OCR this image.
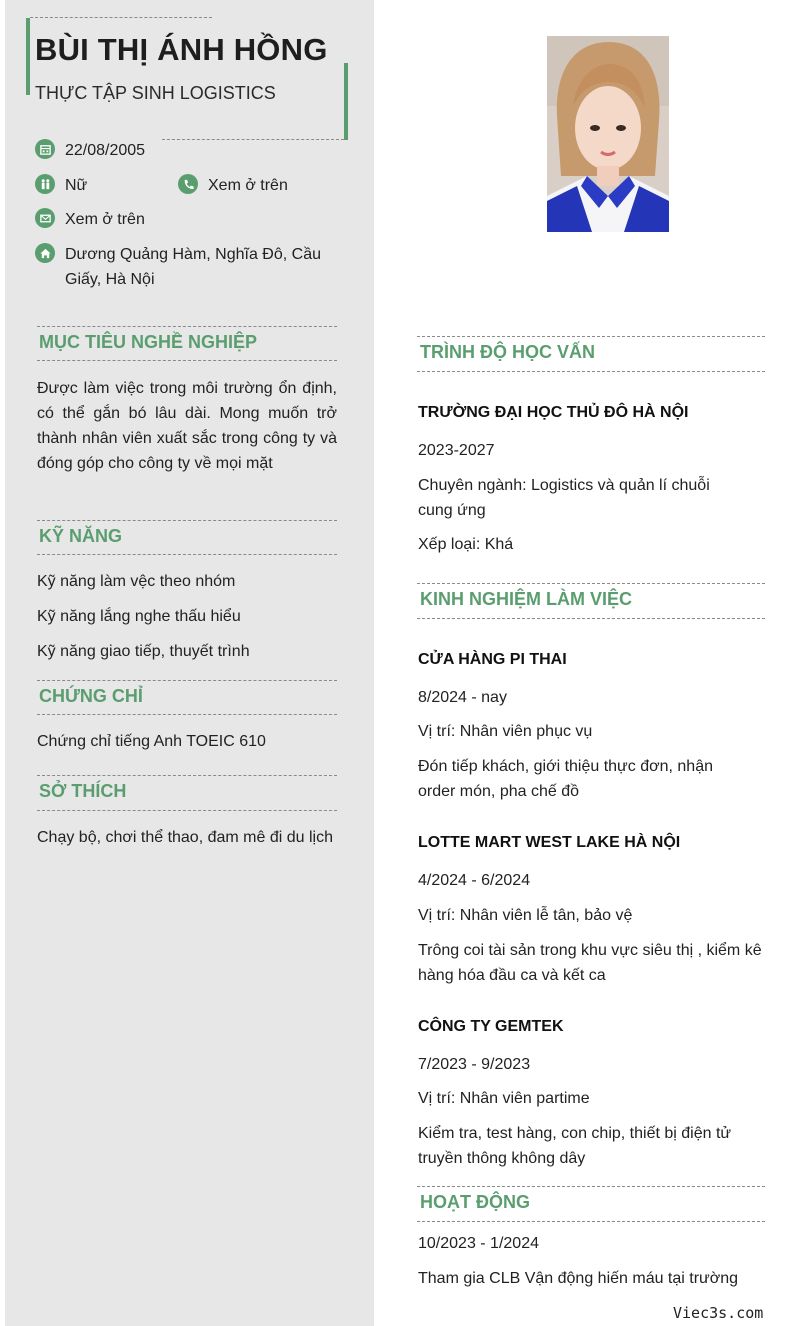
BÙI THỊ ÁNH HỒNG
THỰC TẬP SINH LOGISTICS
22/08/2005
Nữ	Xem ở trên
Xem ở trên
Dương Quảng Hàm, Nghĩa Đô, Cầu Giấy, Hà Nội
MỤC TIÊU NGHỀ NGHIỆP
Được làm việc trong môi trường ổn định, có thể gắn bó lâu dài. Mong muốn trở thành nhân viên xuất sắc trong công ty và đóng góp cho công ty về mọi mặt
KỸ NĂNG
Kỹ năng làm vệc theo nhóm
Kỹ năng lắng nghe thấu hiểu
Kỹ năng giao tiếp, thuyết trình
CHỨNG CHỈ
Chứng chỉ tiếng Anh TOEIC 610
SỞ THÍCH
Chạy bộ, chơi thể thao, đam mê đi du lịch
TRÌNH ĐỘ HỌC VẤN
TRƯỜNG ĐẠI HỌC THỦ ĐÔ HÀ NỘI
2023-2027
Chuyên ngành: Logistics và quản lí chuỗi cung ứng
Xếp loại: Khá
KINH NGHIỆM LÀM VIỆC
CỬA HÀNG PI THAI
8/2024 - nay
Vị trí: Nhân viên phục vụ
Đón tiếp khách, giới thiệu thực đơn, nhận order món, pha chế đồ
LOTTE MART WEST LAKE HÀ NỘI
4/2024 - 6/2024
Vị trí: Nhân viên lễ tân, bảo vệ
Trông coi tài sản trong khu vực siêu thị , kiểm kê hàng hóa đầu ca và kết ca
CÔNG TY GEMTEK
7/2023 - 9/2023
Vị trí: Nhân viên partime
Kiểm tra, test hàng, con chip, thiết bị điện tử truyền thông không dây
HOẠT ĐỘNG
10/2023 - 1/2024
Tham gia CLB Vận động hiến máu tại trường
Viec3s.com
